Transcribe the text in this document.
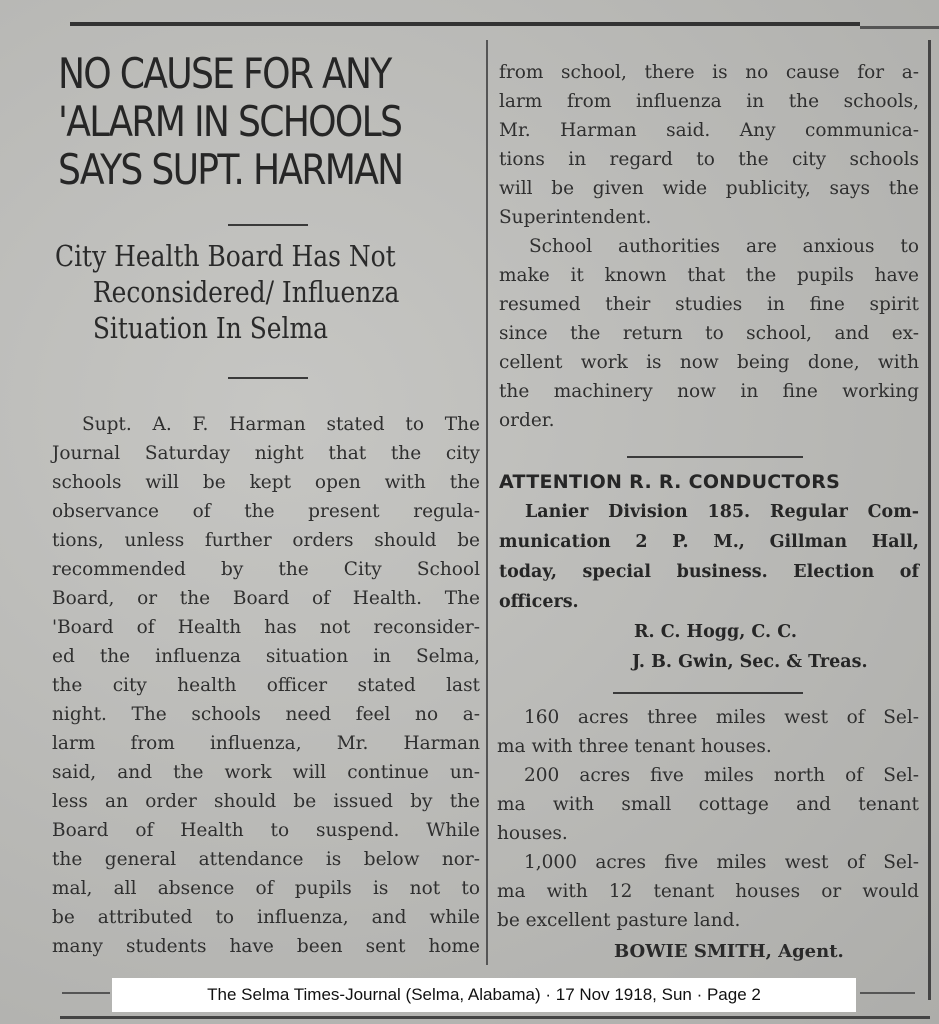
NO CAUSE FOR ANY
'ALARM IN SCHOOLS
SAYS SUPT. HARMAN
City Health Board Has Not
Reconsidered/ Influenza
Situation In Selma
Supt. A. F. Harman stated to The
Journal Saturday night that the city
schools will be kept open with the
observance of the present regula-
tions, unless further orders should be
recommended by the City School
Board, or the Board of Health. The
'Board of Health has not reconsider-
ed the influenza situation in Selma,
the city health officer stated last
night. The schools need feel no a-
larm from influenza, Mr. Harman
said, and the work will continue un-
less an order should be issued by the
Board of Health to suspend. While
the general attendance is below nor-
mal, all absence of pupils is not to
be attributed to influenza, and while
many students have been sent home
from school, there is no cause for a-
larm from influenza in the schools,
Mr. Harman said. Any communica-
tions in regard to the city schools
will be given wide publicity, says the
Superintendent.
School authorities are anxious to
make it known that the pupils have
resumed their studies in fine spirit
since the return to school, and ex-
cellent work is now being done, with
the machinery now in fine working
order.
ATTENTION R. R. CONDUCTORS
Lanier Division 185. Regular Com-
munication 2 P. M., Gillman Hall,
today, special business. Election of
officers.
R. C. Hogg, C. C.
J. B. Gwin, Sec. & Treas.
160 acres three miles west of Sel-
ma with three tenant houses.
200 acres five miles north of Sel-
ma with small cottage and tenant
houses.
1,000 acres five miles west of Sel-
ma with 12 tenant houses or would
be excellent pasture land.
BOWIE SMITH, Agent.
The Selma Times-Journal (Selma, Alabama) · 17 Nov 1918, Sun · Page 2
